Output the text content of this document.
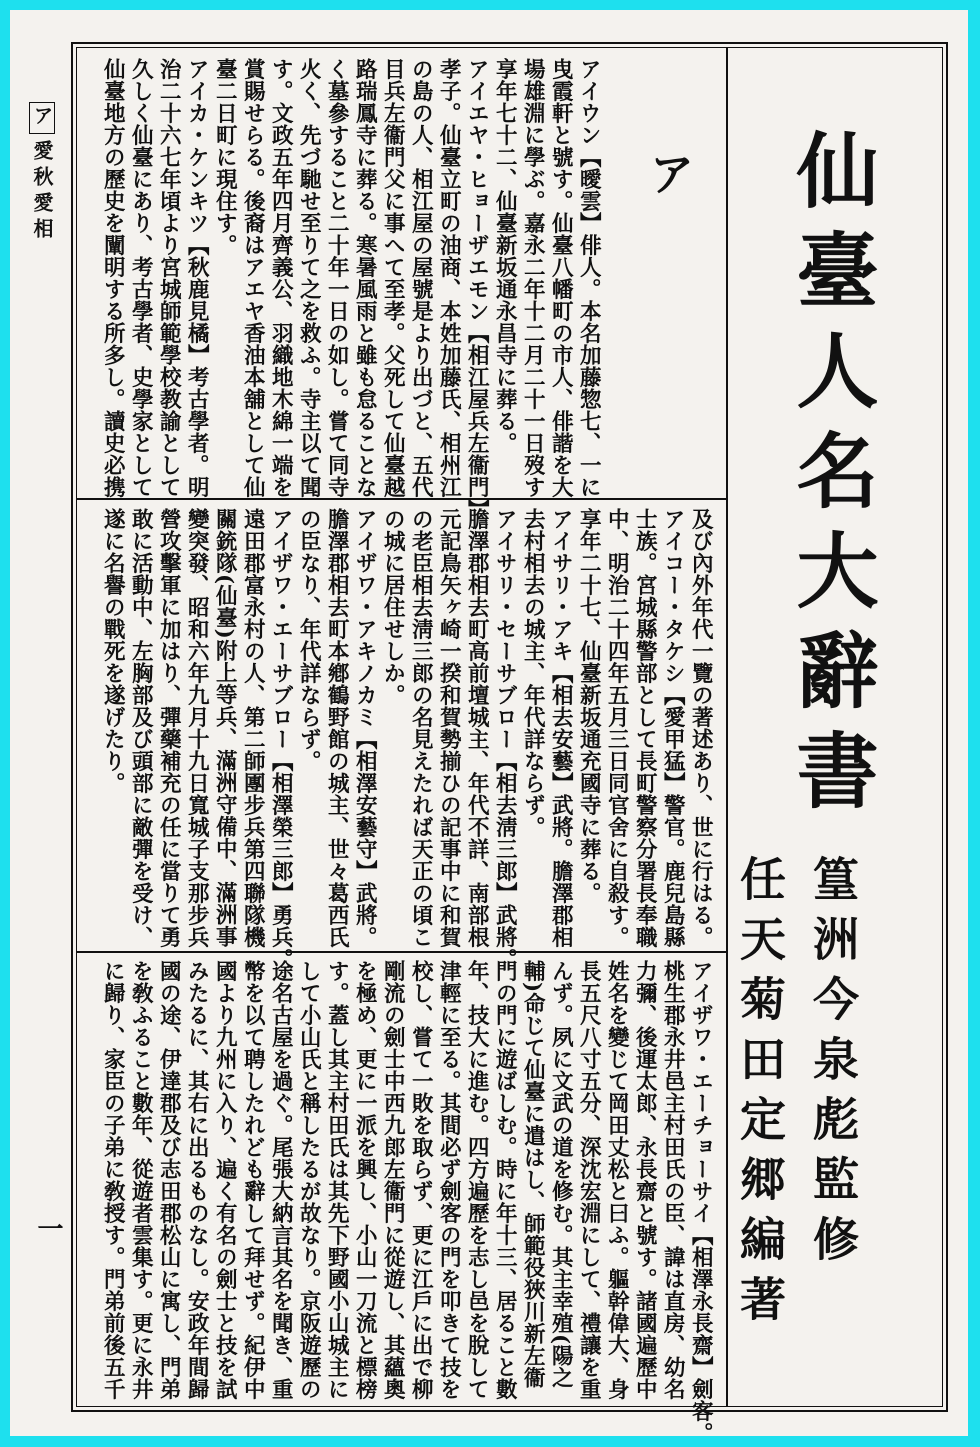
ア愛秋愛相
一
仙臺人名大辭書
篁洲今泉彪監修
任天菊田定郷編著
ア
アイウン【曖雲】俳人。本名加藤惣七、一に
曳霞軒と號す。仙臺八幡町の市人、俳諧を大
場雄淵に學ぶ。嘉永二年十二月二十一日歿す
享年七十二、仙臺新坂通永昌寺に葬る。
アイエヤ・ヒョーザエモン【相江屋兵左衞門】
孝子。仙臺立町の油商、本姓加藤氏、相州江
の島の人、相江屋の屋號是より出づと、五代
目兵左衞門父に事へて至孝。父死して仙臺越
路瑞鳳寺に葬る。寒暑風雨と雖も怠ることな
く墓參すること二十年一日の如し。嘗て同寺
火く、先づ馳せ至りて之を救ふ。寺主以て聞
す。文政五年四月齊義公、羽織地木綿一端を
賞賜せらる。後裔はアエヤ香油本舖として仙
臺二日町に現住す。
アイカ・ケンキツ【秋鹿見橘】考古學者。明
治二十六七年頃より宮城師範學校教諭として
久しく仙臺にあり、考古學者、史學家として
仙臺地方の歷史を闡明する所多し。讀史必携
及び內外年代一覽の著述あり、世に行はる。
アイコー・タケシ【愛甲猛】警官。鹿兒島縣
士族。宮城縣警部として長町警察分署長奉職
中、明治二十四年五月三日同官舍に自殺す。
享年二十七、仙臺新坂通充國寺に葬る。
アイサリ・アキ【相去安藝】武將。膽澤郡相
去村相去の城主、年代詳ならず。
アイサリ・セーサブロー【相去淸三郎】武將。
膽澤郡相去町高前壇城主、年代不詳、南部根
元記鳥矢ヶ崎一揆和賀勢揃ひの記事中に和賀
の老臣相去淸三郎の名見えたれば天正の頃こ
の城に居住せしか。
アイザワ・アキノカミ【相澤安藝守】武將。
膽澤郡相去町本鄕鶴野館の城主、世々葛西氏
の臣なり、年代詳ならず。
アイザワ・エーサブロー【相澤榮三郎】勇兵。
遠田郡富永村の人、第二師團步兵第四聯隊機
關銃隊(仙臺)附上等兵、滿洲守備中、滿洲事
變突發、昭和六年九月十九日寬城子支那步兵
營攻擊軍に加はり、彈藥補充の任に當りて勇
敢に活動中、左胸部及び頭部に敵彈を受け、
遂に名譽の戰死を遂げたり。
アイザワ・エーチョーサイ【相澤永長齋】劍客。
桃生郡永井邑主村田氏の臣、諱は直房、幼名
力彌、後運太郎、永長齋と號す。諸國遍歷中
姓名を變じて岡田丈松と曰ふ。軀幹偉大、身
長五尺八寸五分、深沈宏淵にして、禮讓を重
んず。夙に文武の道を修む。其主幸殖(陽之
輔)命じて仙臺に遣はし、師範役狹川新左衞
門の門に遊ばしむ。時に年十三、居ること數
年、技大に進む。四方遍歷を志し邑を脫して
津輕に至る。其間必ず劍客の門を叩きて技を
校し、嘗て一敗を取らず、更に江戶に出で柳
剛流の劍士中西九郎左衞門に從遊し、其蘊奧
を極め、更に一派を興し、小山一刀流と標榜
す。蓋し其主村田氏は其先下野國小山城主に
して小山氏と稱したるが故なり。京阪遊歷の
途名古屋を過ぐ。尾張大納言其名を聞き、重
幣を以て聘したれども辭して拜せず。紀伊中
國より九州に入り、遍く有名の劍士と技を試
みたるに、其右に出るものなし。安政年間歸
國の途、伊達郡及び志田郡松山に寓し、門弟
を敎ふること數年、從遊者雲集す。更に永井
に歸り、家臣の子弟に敎授す。門弟前後五千
